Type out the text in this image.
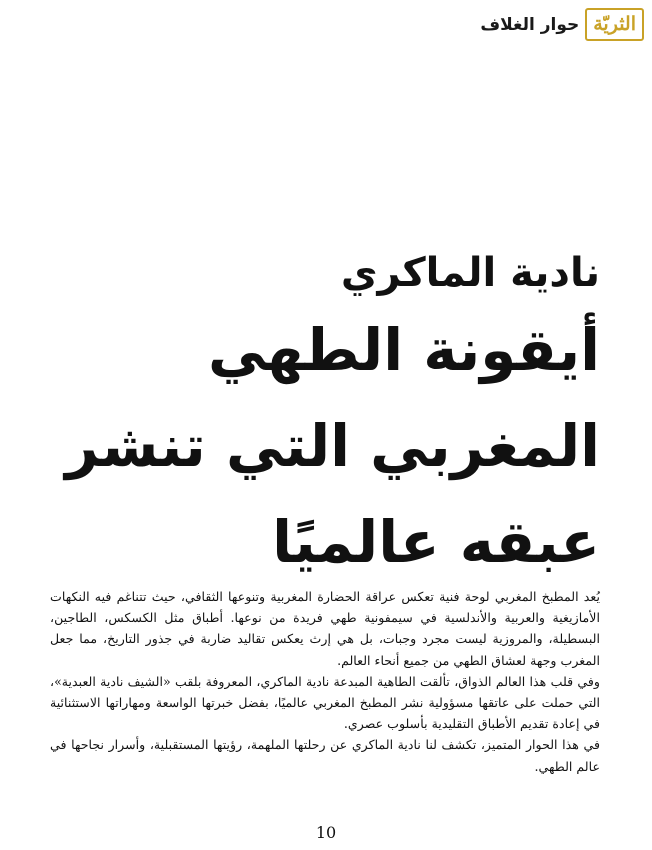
الثريّة
حوار الغلاف
نادية الماكري
أيقونة الطهي
المغربي التي تنشر
عبقه عالميًا

يُعد المطبخ المغربي لوحة فنية تعكس عراقة الحضارة المغربية وتنوعها الثقافي، حيث تتناغم فيه النكهات الأمازيغية والعربية والأندلسية في سيمفونية طهي فريدة من نوعها. أطباق مثل الكسكس، الطاجين، البسطيلة، والمروزية ليست مجرد وجبات، بل هي إرث يعكس تقاليد ضاربة في جذور التاريخ، مما جعل المغرب وجهة لعشاق الطهي من جميع أنحاء العالم.

وفي قلب هذا العالم الذواق، تألقت الطاهية المبدعة نادية الماكري، المعروفة بلقب «الشيف نادية العبدية»، التي حملت على عاتقها مسؤولية نشر المطبخ المغربي عالميًا، بفضل خبرتها الواسعة ومهاراتها الاستثنائية في إعادة تقديم الأطباق التقليدية بأسلوب عصري.

في هذا الحوار المتميز، تكشف لنا نادية الماكري عن رحلتها الملهمة، رؤيتها المستقبلية، وأسرار نجاحها في عالم الطهي.

10
